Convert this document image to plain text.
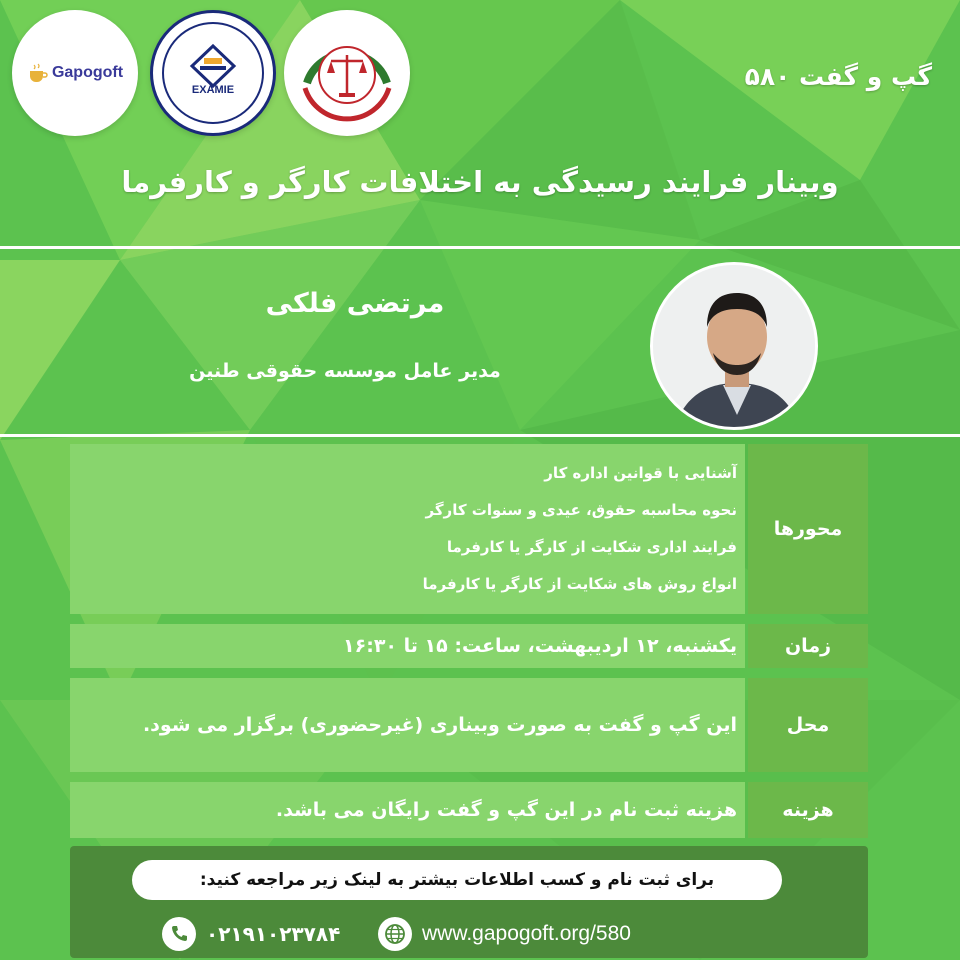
Gapogoft
EXAMIE	گپ و گفت ۵۸۰
وبینار فرایند رسیدگی به اختلافات کارگر و کارفرما
مرتضی فلکی
مدیر عامل موسسه حقوقی طنین
محورها
آشنایی با قوانین اداره کار
نحوه محاسبه حقوق، عیدی و سنوات کارگر
فرایند اداری شکایت از کارگر یا کارفرما
انواع روش های شکایت از کارگر یا کارفرما
زمان
یکشنبه، ۱۲ اردیبهشت، ساعت: ۱۵ تا ۱۶:۳۰
محل
این گپ و گفت به صورت وبیناری (غیرحضوری) برگزار می شود.
هزینه
هزینه ثبت نام در این گپ و گفت رایگان می باشد.
برای ثبت نام و کسب اطلاعات بیشتر به لینک زیر مراجعه کنید:
۰۲۱۹۱۰۲۳۷۸۴	www.gapogoft.org/580
